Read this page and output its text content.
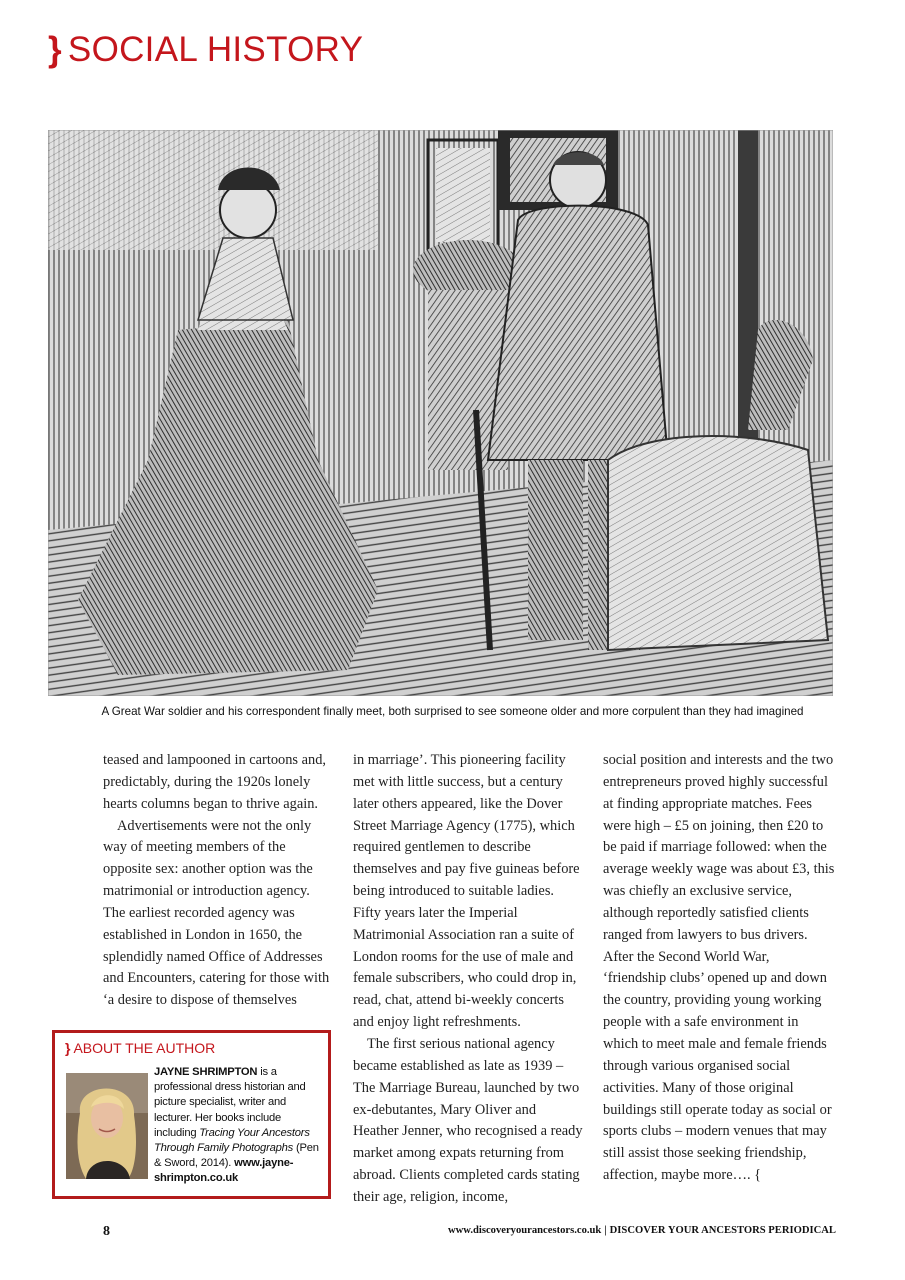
} SOCIAL HISTORY
A Great War soldier and his correspondent finally meet, both surprised to see someone older and more corpulent than they had imagined

teased and lampooned in cartoons and, predictably, during the 1920s lonely hearts columns began to thrive again.

Advertisements were not the only way of meeting members of the opposite sex: another option was the matrimonial or introduction agency. The earliest recorded agency was established in London in 1650, the splendidly named Office of Addresses and Encounters, catering for those with ‘a desire to dispose of themselves

in marriage’. This pioneering facility met with little success, but a century later others appeared, like the Dover Street Marriage Agency (1775), which required gentlemen to describe themselves and pay five guineas before being introduced to suitable ladies. Fifty years later the Imperial Matrimonial Association ran a suite of London rooms for the use of male and female subscribers, who could drop in, read, chat, attend bi-weekly concerts and enjoy light refreshments.

The first serious national agency became established as late as 1939 – The Marriage Bureau, launched by two ex-debutantes, Mary Oliver and Heather Jenner, who recognised a ready market among expats returning from abroad. Clients completed cards stating their age, religion, income,

social position and interests and the two entrepreneurs proved highly successful at finding appropriate matches. Fees were high – £5 on joining, then £20 to be paid if marriage followed: when the average weekly wage was about £3, this was chiefly an exclusive service, although reportedly satisfied clients ranged from lawyers to bus drivers. After the Second World War, ‘friendship clubs’ opened up and down the country, providing young working people with a safe environment in which to meet male and female friends through various organised social activities. Many of those original buildings still operate today as social or sports clubs – modern venues that may still assist those seeking friendship, affection, maybe more…. {

} ABOUT THE AUTHOR
JAYNE SHRIMPTON is a professional dress historian and picture specialist, writer and lecturer. Her books include including Tracing Your Ancestors Through Family Photographs (Pen & Sword, 2014). www.jayne-shrimpton.co.uk
8	www.discoveryourancestors.co.uk | DISCOVER YOUR ANCESTORS PERIODICAL
